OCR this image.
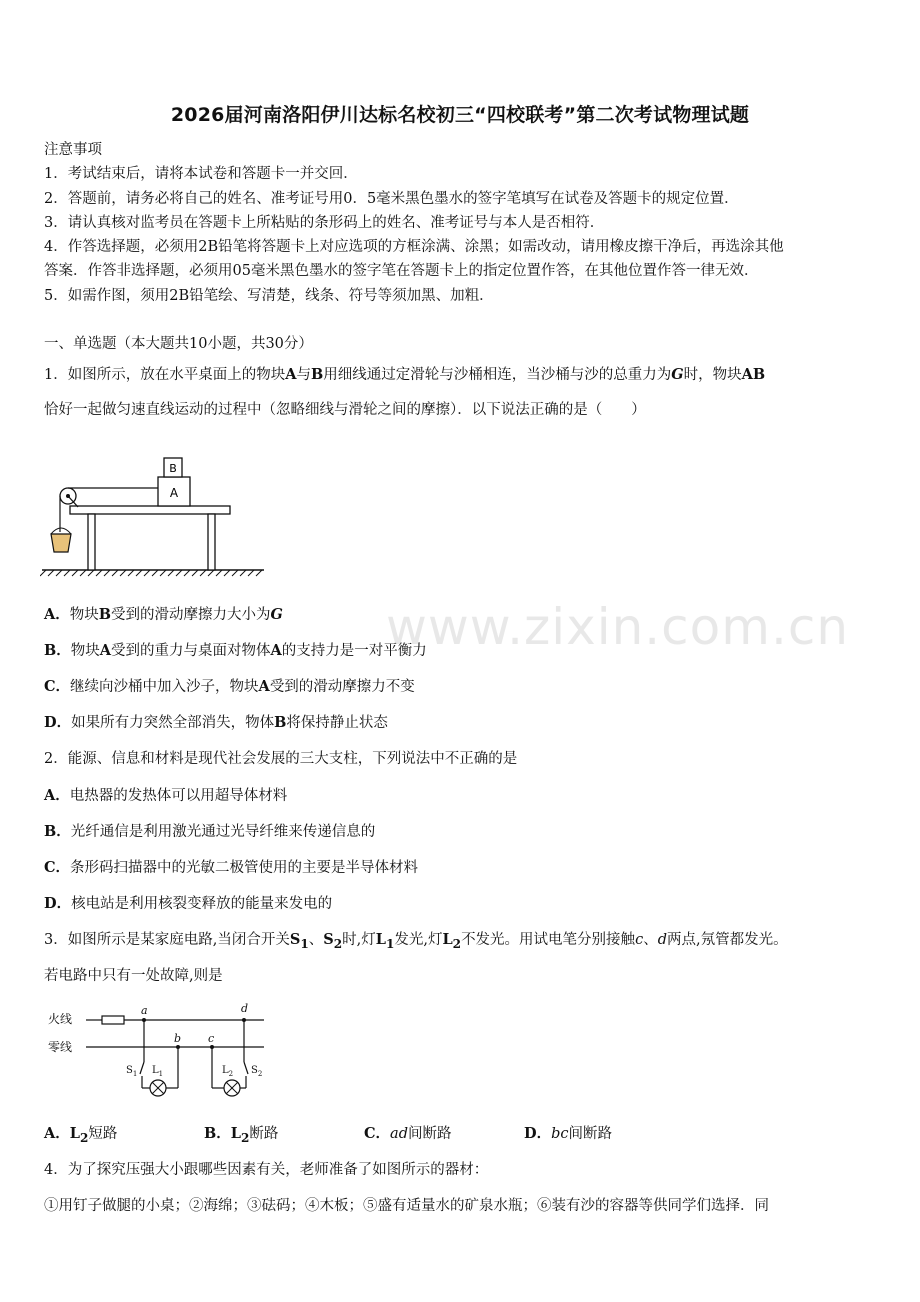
2026届河南洛阳伊川达标名校初三“四校联考”第二次考试物理试题
注意事项
1．考试结束后，请将本试卷和答题卡一并交回．
2．答题前，请务必将自己的姓名、准考证号用0．5毫米黑色墨水的签字笔填写在试卷及答题卡的规定位置．
3．请认真核对监考员在答题卡上所粘贴的条形码上的姓名、准考证号与本人是否相符．
4．作答选择题，必须用2B铅笔将答题卡上对应选项的方框涂满、涂黑；如需改动，请用橡皮擦干净后，再选涂其他
答案．作答非选择题，必须用05毫米黑色墨水的签字笔在答题卡上的指定位置作答，在其他位置作答一律无效．
5．如需作图，须用2B铅笔绘、写清楚，线条、符号等须加黑、加粗．
一、单选题（本大题共10小题，共30分）
1．如图所示，放在水平桌面上的物块A与B用细线通过定滑轮与沙桶相连，当沙桶与沙的总重力为G时，物块AB
恰好一起做匀速直线运动的过程中（忽略细线与滑轮之间的摩擦）．以下说法正确的是（　　）
A
B
A．物块B受到的滑动摩擦力大小为G
B．物块A受到的重力与桌面对物体A的支持力是一对平衡力
C．继续向沙桶中加入沙子，物块A受到的滑动摩擦力不变
D．如果所有力突然全部消失，物体B将保持静止状态
2．能源、信息和材料是现代社会发展的三大支柱，下列说法中不正确的是
A．电热器的发热体可以用超导体材料
B．光纤通信是利用激光通过光导纤维来传递信息的
C．条形码扫描器中的光敏二极管使用的主要是半导体材料
D．核电站是利用核裂变释放的能量来发电的
3．如图所示是某家庭电路,当闭合开关$S_1$、$S_2$时,灯$L_1$发光,灯$L_2$不发光。用试电笔分别接触c、d两点,氖管都发光。
若电路中只有一处故障,则是
火线
零线
a
b c
d
$S_1$ $L_1$	$L_2$ $S_2$
A．$L_2$短路	B．$L_2$断路	C．ad间断路	D．bc间断路
4．为了探究压强大小跟哪些因素有关，老师准备了如图所示的器材：
①用钉子做腿的小桌；②海绵；③砝码；④木板；⑤盛有适量水的矿泉水瓶；⑥装有沙的容器等供同学们选择．同
www.zixin.com.cn
